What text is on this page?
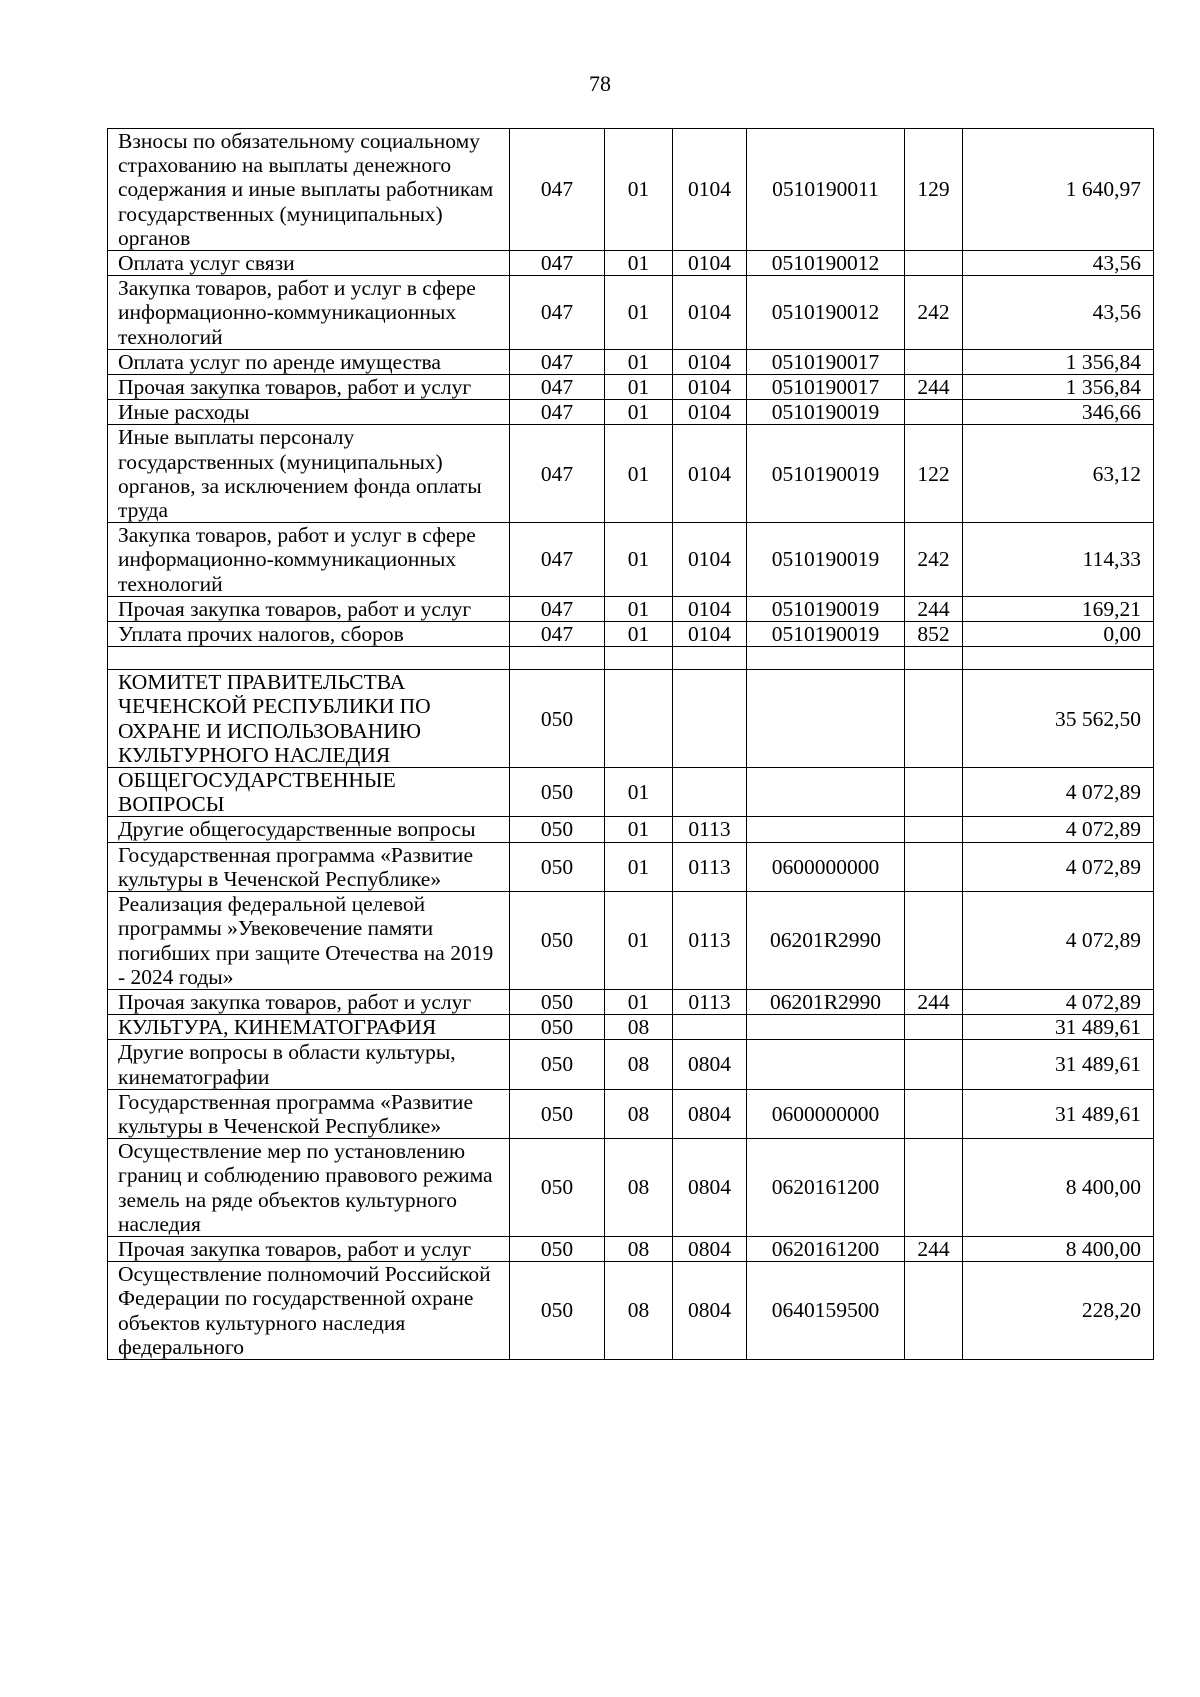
78
Взносы по обязательному социальному страхованию на выплаты денежного содержания и иные выплаты работникам государственных (муниципальных) органов	047	01	0104	0510190011	129	1 640,97
Оплата услуг связи	047	01	0104	0510190012		43,56
Закупка товаров, работ и услуг в сфере информационно-коммуникационных технологий	047	01	0104	0510190012	242	43,56
Оплата услуг по аренде имущества	047	01	0104	0510190017		1 356,84
Прочая закупка товаров, работ и услуг	047	01	0104	0510190017	244	1 356,84
Иные расходы	047	01	0104	0510190019		346,66
Иные выплаты персоналу государственных (муниципальных) органов, за исключением фонда оплаты труда	047	01	0104	0510190019	122	63,12
Закупка товаров, работ и услуг в сфере информационно-коммуникационных технологий	047	01	0104	0510190019	242	114,33
Прочая закупка товаров, работ и услуг	047	01	0104	0510190019	244	169,21
Уплата прочих налогов, сборов	047	01	0104	0510190019	852	0,00

КОМИТЕТ ПРАВИТЕЛЬСТВА ЧЕЧЕНСКОЙ РЕСПУБЛИКИ ПО ОХРАНЕ И ИСПОЛЬЗОВАНИЮ КУЛЬТУРНОГО НАСЛЕДИЯ	050					35 562,50
ОБЩЕГОСУДАРСТВЕННЫЕ ВОПРОСЫ	050	01				4 072,89
Другие общегосударственные вопросы	050	01	0113			4 072,89
Государственная программа «Развитие культуры в Чеченской Республике»	050	01	0113	0600000000		4 072,89
Реализация федеральной целевой программы »Увековечение памяти погибших при защите Отечества на 2019 - 2024 годы»	050	01	0113	06201R2990		4 072,89
Прочая закупка товаров, работ и услуг	050	01	0113	06201R2990	244	4 072,89
КУЛЬТУРА, КИНЕМАТОГРАФИЯ	050	08				31 489,61
Другие вопросы в области культуры, кинематографии	050	08	0804			31 489,61
Государственная программа «Развитие культуры в Чеченской Республике»	050	08	0804	0600000000		31 489,61
Осуществление мер по установлению границ и соблюдению правового режима земель на ряде объектов культурного наследия	050	08	0804	0620161200		8 400,00
Прочая закупка товаров, работ и услуг	050	08	0804	0620161200	244	8 400,00
Осуществление полномочий Российской Федерации по государственной охране объектов культурного наследия федерального	050	08	0804	0640159500		228,20
